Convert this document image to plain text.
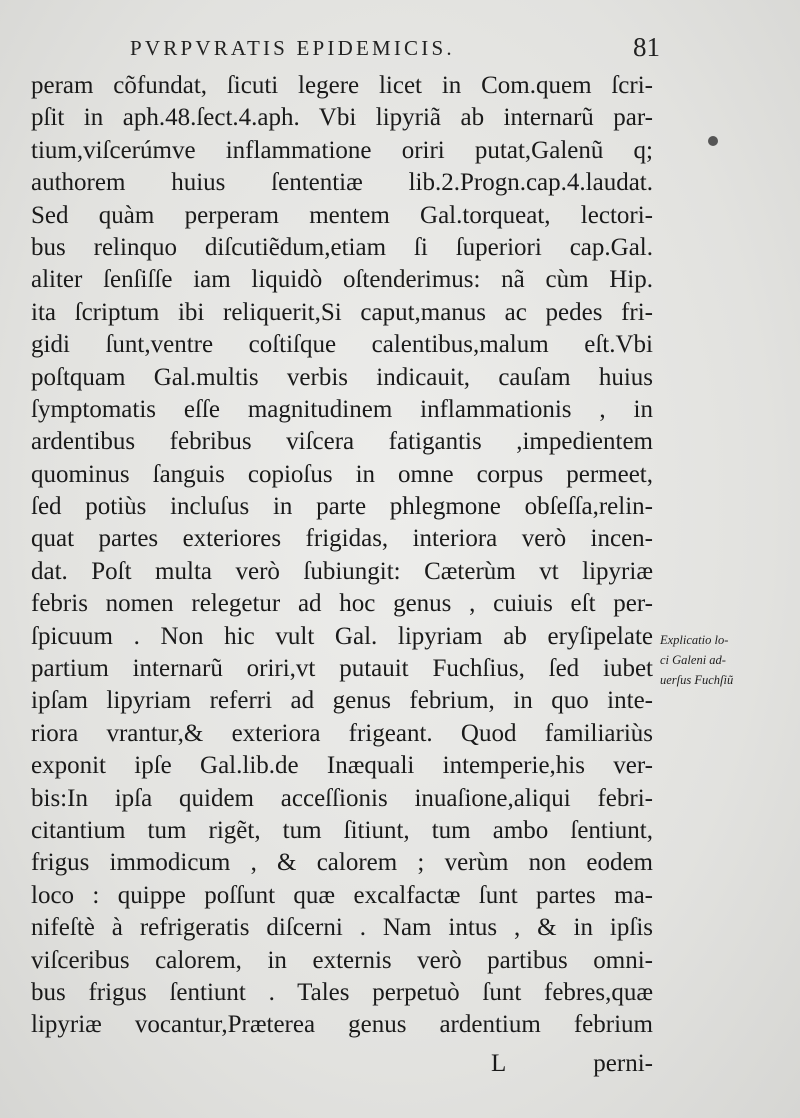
PVRPVRATIS EPIDEMICIS.	81
peram cõfundat, ſicuti legere licet in Com.quem ſcri-
pſit in aph.48.ſect.4.aph. Vbi lipyriã ab internarũ par-
tium,viſcerúmve inflammatione oriri putat,Galenũ q;
authorem huius ſententiæ lib.2.Progn.cap.4.laudat.
Sed quàm perperam mentem Gal.torqueat, lectori-
bus relinquo diſcutiẽdum,etiam ſi ſuperiori cap.Gal.
aliter ſenſiſſe iam liquidò oſtenderimus: nã cùm Hip.
ita ſcriptum ibi reliquerit,Si caput,manus ac pedes fri-
gidi ſunt,ventre coſtiſque calentibus,malum eſt.Vbi
poſtquam Gal.multis verbis indicauit, cauſam huius
ſymptomatis eſſe magnitudinem inflammationis , in
ardentibus febribus viſcera fatigantis ,impedientem
quominus ſanguis copioſus in omne corpus permeet,
ſed potiùs incluſus in parte phlegmone obſeſſa,relin-
quat partes exteriores frigidas, interiora verò incen-
dat. Poſt multa verò ſubiungit: Cæterùm vt lipyriæ
febris nomen relegetur ad hoc genus , cuiuis eſt per-
ſpicuum . Non hic vult Gal. lipyriam ab eryſipelate
partium internarũ oriri,vt putauit Fuchſius, ſed iubet
ipſam lipyriam referri ad genus febrium, in quo inte-
riora vrantur,& exteriora frigeant. Quod familiariùs
exponit ipſe Gal.lib.de Inæquali intemperie,his ver-
bis:In ipſa quidem acceſſionis inuaſione,aliqui febri-
citantium tum rigẽt, tum ſitiunt, tum ambo ſentiunt,
frigus immodicum , & calorem ; verùm non eodem
loco : quippe poſſunt quæ excalfactæ ſunt partes ma-
nifeſtè à refrigeratis diſcerni . Nam intus , & in ipſis
viſceribus calorem, in externis verò partibus omni-
bus frigus ſentiunt . Tales perpetuò ſunt febres,quæ
lipyriæ vocantur,Præterea genus ardentium febrium
Explicatio lo-
ci Galeni ad-
uerſus Fuchſiũ
L	perni-
